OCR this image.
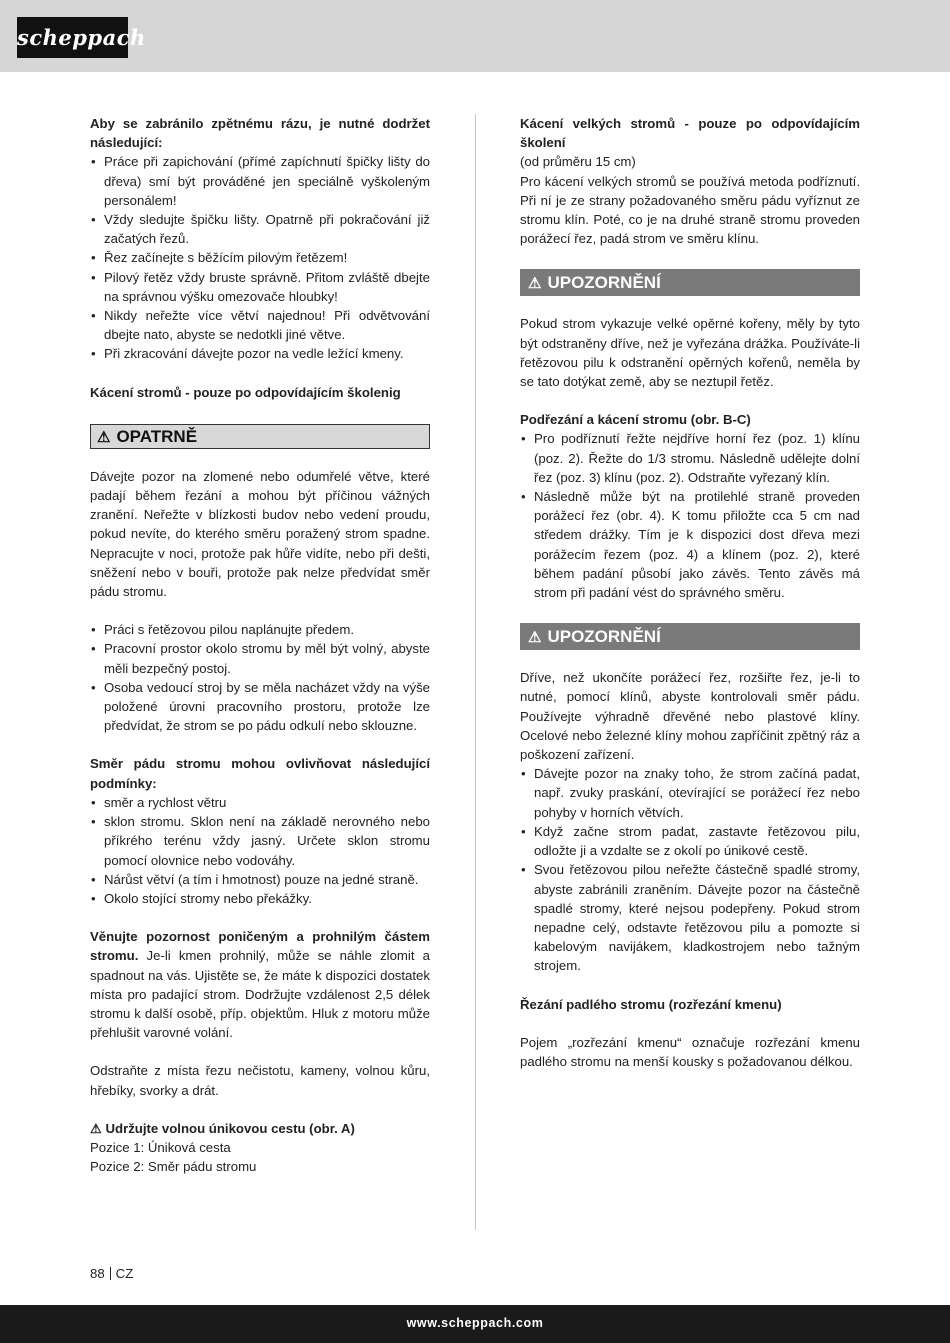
scheppach

Aby se zabránilo zpětnému rázu, je nutné dodržet následující:

• Práce při zapichování (přímé zapíchnutí špičky lišty do dřeva) smí být prováděné jen speciálně vyškoleným personálem!
• Vždy sledujte špičku lišty. Opatrně při pokračování již začatých řezů.
• Řez začínejte s běžícím pilovým řetězem!
• Pilový řetěz vždy bruste správně. Přitom zvláště dbejte na správnou výšku omezovače hloubky!
• Nikdy neřežte více větví najednou! Při odvětvování dbejte nato, abyste se nedotkli jiné větve.
• Při zkracování dávejte pozor na vedle ležící kmeny.

Kácení stromů - pouze po odpovídajícím školenig

⚠ OPATRNĚ

Dávejte pozor na zlomené nebo odumřelé větve, které padají během řezání a mohou být příčinou vážných zranění. Neřežte v blízkosti budov nebo vedení proudu, pokud nevíte, do kterého směru poražený strom spadne. Nepracujte v noci, protože pak hůře vidíte, nebo při dešti, sněžení nebo v bouři, protože pak nelze předvídat směr pádu stromu.

• Práci s řetězovou pilou naplánujte předem.
• Pracovní prostor okolo stromu by měl být volný, abyste měli bezpečný postoj.
• Osoba vedoucí stroj by se měla nacházet vždy na výše položené úrovni pracovního prostoru, protože lze předvídat, že strom se po pádu odkulí nebo sklouzne.

Směr pádu stromu mohou ovlivňovat následující podmínky:

• směr a rychlost větru
• sklon stromu. Sklon není na základě nerovného nebo příkrého terénu vždy jasný. Určete sklon stromu pomocí olovnice nebo vodováhy.
• Nárůst větví (a tím i hmotnost) pouze na jedné straně.
• Okolo stojící stromy nebo překážky.

Věnujte pozornost poničeným a prohnilým částem stromu. Je-li kmen prohnilý, může se náhle zlomit a spadnout na vás. Ujistěte se, že máte k dispozici dostatek místa pro padající strom. Dodržujte vzdálenost 2,5 délek stromu k další osobě, příp. objektům. Hluk z motoru může přehlušit varovné volání.

Odstraňte z místa řezu nečistotu, kameny, volnou kůru, hřebíky, svorky a drát.

⚠ Udržujte volnou únikovou cestu (obr. A)

Pozice 1: Úniková cesta

Pozice 2: Směr pádu stromu

Kácení velkých stromů - pouze po odpovídajícím školení

(od průměru 15 cm)

Pro kácení velkých stromů se používá metoda podříznutí. Při ní je ze strany požadovaného směru pádu vyříznut ze stromu klín. Poté, co je na druhé straně stromu proveden porážecí řez, padá strom ve směru klínu.

⚠ UPOZORNĚNÍ

Pokud strom vykazuje velké opěrné kořeny, měly by tyto být odstraněny dříve, než je vyřezána drážka. Používáte-li řetězovou pilu k odstranění opěrných kořenů, neměla by se tato dotýkat země, aby se neztupil řetěz.

Podřezání a kácení stromu (obr. B-C)

• Pro podříznutí řežte nejdříve horní řez (poz. 1) klínu (poz. 2). Řežte do 1/3 stromu. Následně udělejte dolní řez (poz. 3) klínu (poz. 2). Odstraňte vyřezaný klín.
• Následně může být na protilehlé straně proveden porážecí řez (obr. 4). K tomu přiložte cca 5 cm nad středem drážky. Tím je k dispozici dost dřeva mezi porážecím řezem (poz. 4) a klínem (poz. 2), které během padání působí jako závěs. Tento závěs má strom při padání vést do správného směru.
⚠ UPOZORNĚNÍ

Dříve, než ukončíte porážecí řez, rozšiřte řez, je-li to nutné, pomocí klínů, abyste kontrolovali směr pádu. Používejte výhradně dřevěné nebo plastové klíny. Ocelové nebo železné klíny mohou zapříčinit zpětný ráz a poškození zařízení.

• Dávejte pozor na znaky toho, že strom začíná padat, např. zvuky praskání, otevírající se porážecí řez nebo pohyby v horních větvích.
• Když začne strom padat, zastavte řetězovou pilu, odložte ji a vzdalte se z okolí po únikové cestě.
• Svou řetězovou pilou neřežte částečně spadlé stromy, abyste zabránili zraněním. Dávejte pozor na částečně spadlé stromy, které nejsou podepřeny. Pokud strom nepadne celý, odstavte řetězovou pilu a pomozte si kabelovým navijákem, kladkostrojem nebo tažným strojem.

Řezání padlého stromu (rozřezání kmenu)

Pojem „rozřezání kmenu“ označuje rozřezání kmenu padlého stromu na menší kousky s požadovanou délkou.

88 CZ
www.scheppach.com
